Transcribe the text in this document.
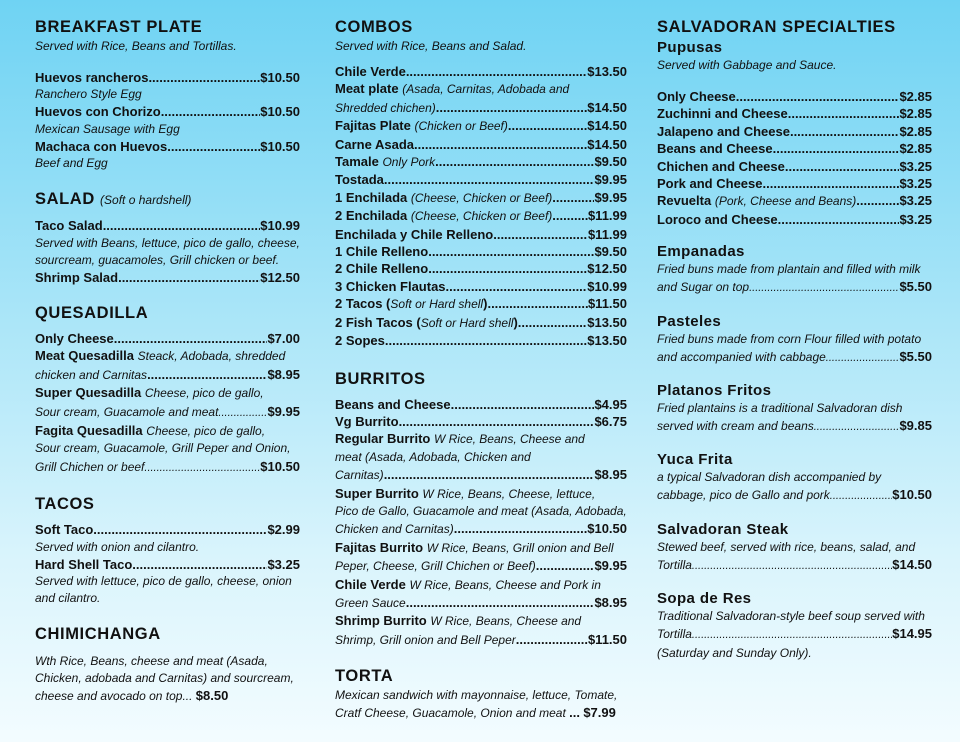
BREAKFAST PLATE
Served with Rice, Beans and Tortillas.
Huevos rancheros .....	$10.50
Ranchero Style Egg
Huevos con Chorizo .....	$10.50
Mexican Sausage with Egg
Machaca con Huevos .....	$10.50
Beef and Egg
SALAD (Soft o hardshell)
Taco Salad .....	$10.99
Served with Beans, lettuce, pico de gallo, cheese, sourcream, guacamoles, Grill chicken or beef.
Shrimp Salad .....	$12.50
QUESADILLA
Only Cheese .....	$7.00
Meat Quesadilla Steack, Adobada, shredded
chicken and Carnitas .....	$8.95
Super Quesadilla Cheese, pico de gallo,
Sour cream, Guacamole and meat .....	$9.95
Fagita Quesadilla Cheese, pico de gallo,
Sour cream, Guacamole, Grill Peper and Onion,
Grill Chichen or beef .....	$10.50
TACOS
Soft Taco .....	$2.99
Served with onion and cilantro.
Hard Shell Taco .....	$3.25
Served with lettuce, pico de gallo, cheese, onion and cilantro.
CHIMICHANGA
Wth Rice, Beans, cheese and meat (Asada, Chicken, adobada and Carnitas) and sourcream, cheese and avocado on top... $8.50
COMBOS
Served with Rice, Beans and Salad.
Chile Verde .....	$13.50
Meat plate (Asada, Carnitas, Adobada and
Shredded chichen) .....	$14.50
Fajitas Plate
(Chicken or Beef) .....	$14.50
Carne Asada .....	$14.50
Tamale
Only Pork .....	$9.50
Tostada .....	$9.95
1 Enchilada
(Cheese, Chicken or Beef) .....	$9.95
2 Enchilada
(Cheese, Chicken or Beef) .....	$11.99
Enchilada y Chile Relleno .....	$11.99
1 Chile Relleno .....	$9.50
2 Chile Relleno .....	$12.50
3 Chicken Flautas .....	$10.99
2 Tacos ( Soft or Hard shell ) .....	$11.50
2 Fish Tacos ( Soft or Hard shell ) .....	$13.50
2 Sopes .....	$13.50
BURRITOS
Beans and Cheese .....	$4.95
Vg Burrito .....	$6.75
Regular Burrito W Rice, Beans, Cheese and
meat (Asada, Adobada, Chicken and
Carnitas) .....	$8.95
Super Burrito W Rice, Beans, Cheese, lettuce,
Pico de Gallo, Guacamole and meat (Asada, Adobada,
Chicken and Carnitas) .....	$10.50
Fajitas Burrito W Rice, Beans, Grill onion and Bell
Peper, Cheese, Grill Chichen or Beef) .....	$9.95
Chile Verde W Rice, Beans, Cheese and Pork in
Green Sauce .....	$8.95
Shrimp Burrito W Rice, Beans, Cheese and
Shrimp, Grill onion and Bell Peper .....	$11.50
TORTA
Mexican sandwich with mayonnaise, lettuce, Tomate, Cratf Cheese, Guacamole, Onion and meat ... $7.99
SALVADORAN SPECIALTIES
Pupusas
Served with Gabbage and Sauce.
Only Cheese .....	$2.85
Zuchinni and Cheese .....	$2.85
Jalapeno and Cheese .....	$2.85
Beans and Cheese .....	$2.85
Chichen and Cheese .....	$3.25
Pork and Cheese .....	$3.25
Revuelta
(Pork, Cheese and Beans) .....	$3.25
Loroco and Cheese .....	$3.25
Empanadas
Fried buns made from plantain and filled with milk
and Sugar on top .....	$5.50
Pasteles
Fried buns made from corn Flour filled with potato
and accompanied with cabbage .....	$5.50
Platanos Fritos
Fried plantains is a traditional Salvadoran dish
served with cream and beans .....	$9.85
Yuca Frita
a typical Salvadoran dish accompanied by
cabbage, pico de Gallo and pork .....	$10.50
Salvadoran Steak
Stewed beef, served with rice, beans, salad, and
Tortilla .....	$14.50
Sopa de Res
Traditional Salvadoran-style beef soup served with
Tortilla .....	$14.95
(Saturday and Sunday Only).
